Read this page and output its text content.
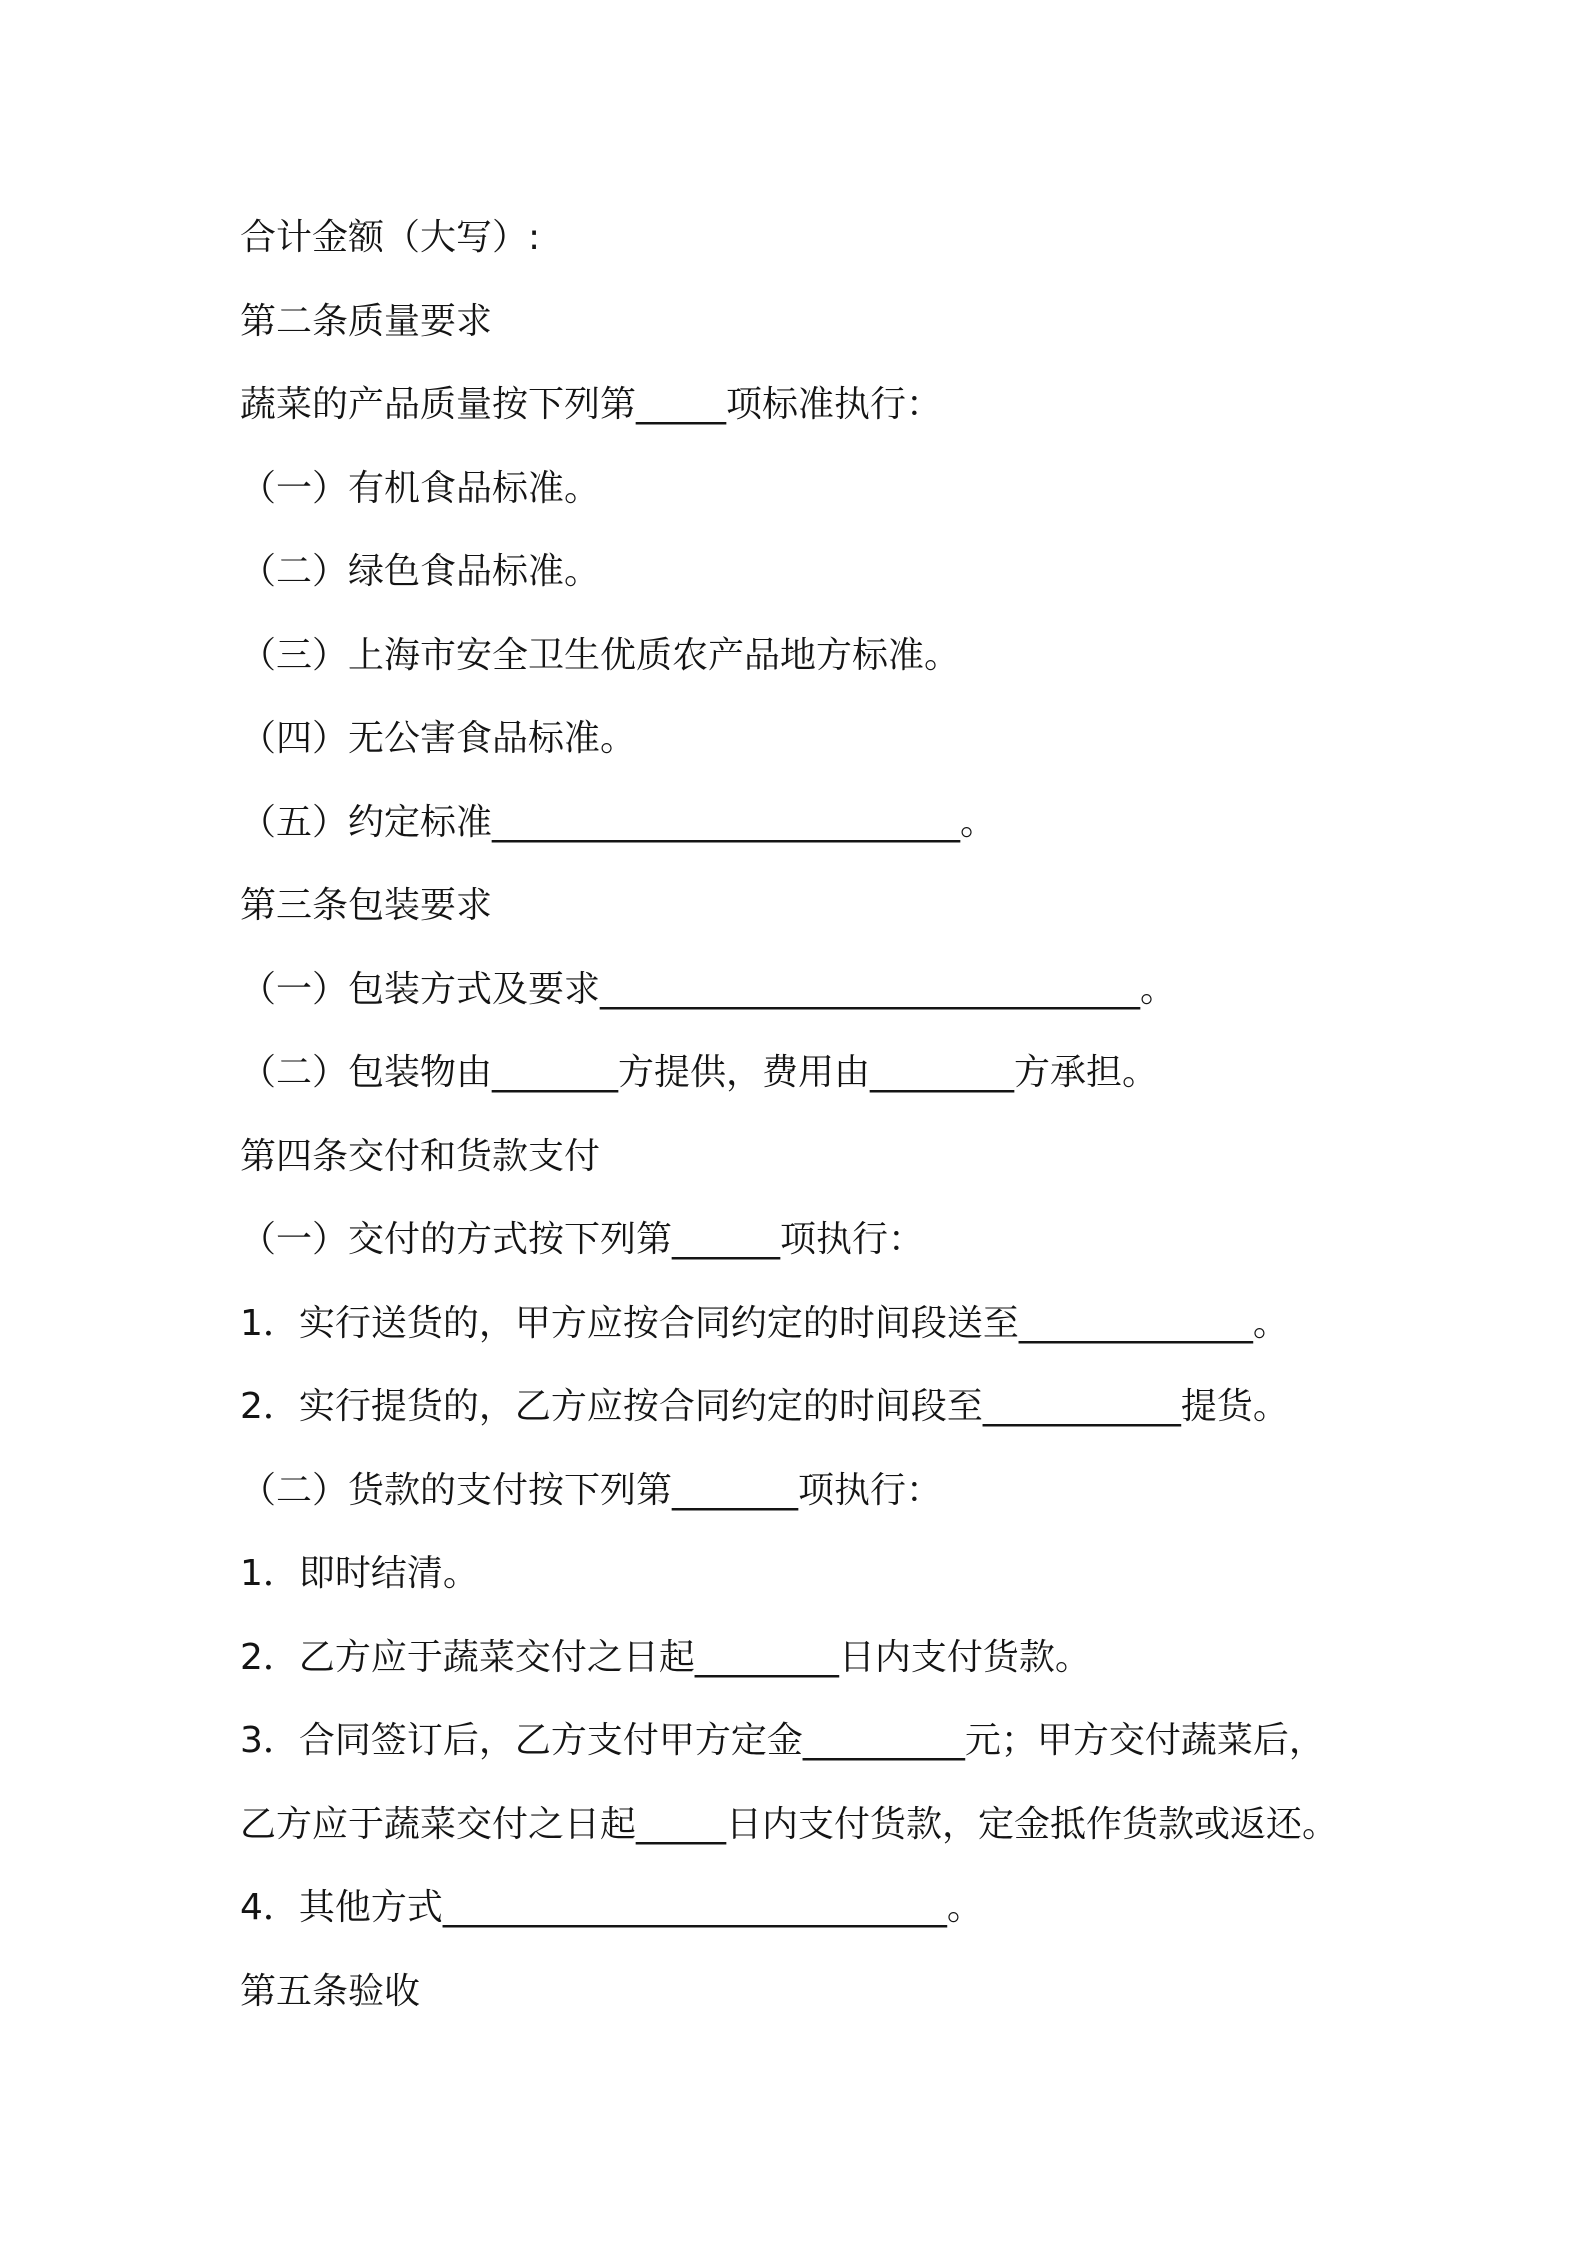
合计金额（大写）:
第二条质量要求
蔬菜的产品质量按下列第_____项标准执行：
（一）有机食品标准。
（二）绿色食品标准。
（三）上海市安全卫生优质农产品地方标准。
（四）无公害食品标准。
（五）约定标准__________________________。
第三条包装要求
（一）包装方式及要求______________________________。
（二）包装物由_______方提供，费用由________方承担。
第四条交付和货款支付
（一）交付的方式按下列第______项执行：
1．实行送货的，甲方应按合同约定的时间段送至_____________。
2．实行提货的，乙方应按合同约定的时间段至___________提货。
（二）货款的支付按下列第_______项执行：
1．即时结清。
2．乙方应于蔬菜交付之日起________日内支付货款。
3．合同签订后，乙方支付甲方定金_________元；甲方交付蔬菜后，
乙方应于蔬菜交付之日起_____日内支付货款，定金抵作货款或返还。
4．其他方式____________________________。
第五条验收
